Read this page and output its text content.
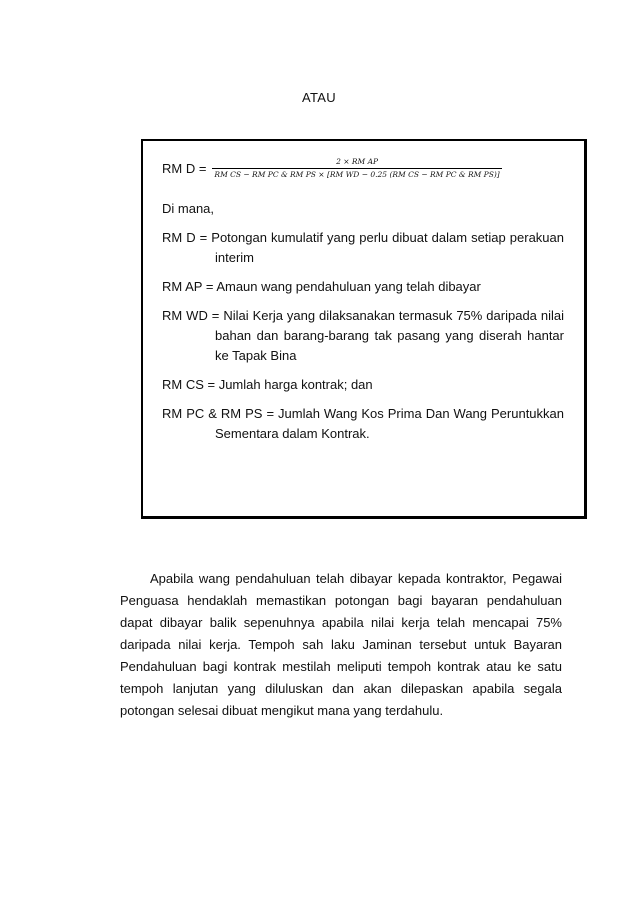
ATAU
RM D =	2 × RM AP
RM CS − RM PC & RM PS × [RM WD − 0.25 (RM CS − RM PC & RM PS)]

Di mana,

RM D = Potongan kumulatif yang perlu dibuat dalam setiap perakuan
interim

RM AP = Amaun wang pendahuluan yang telah dibayar

RM WD = Nilai Kerja yang dilaksanakan termasuk 75% daripada nilai
bahan dan barang-barang tak pasang yang diserah hantar
ke Tapak Bina

RM CS = Jumlah harga kontrak; dan

RM PC & RM PS = Jumlah Wang Kos Prima Dan Wang Peruntukkan
Sementara dalam Kontrak.

Apabila wang pendahuluan telah dibayar kepada kontraktor, Pegawai
Penguasa hendaklah memastikan potongan bagi bayaran pendahuluan
dapat dibayar balik sepenuhnya apabila nilai kerja telah mencapai 75%
daripada nilai kerja. Tempoh sah laku Jaminan tersebut untuk Bayaran
Pendahuluan bagi kontrak mestilah meliputi tempoh kontrak atau ke satu
tempoh lanjutan yang diluluskan dan akan dilepaskan apabila segala
potongan selesai dibuat mengikut mana yang terdahulu.
